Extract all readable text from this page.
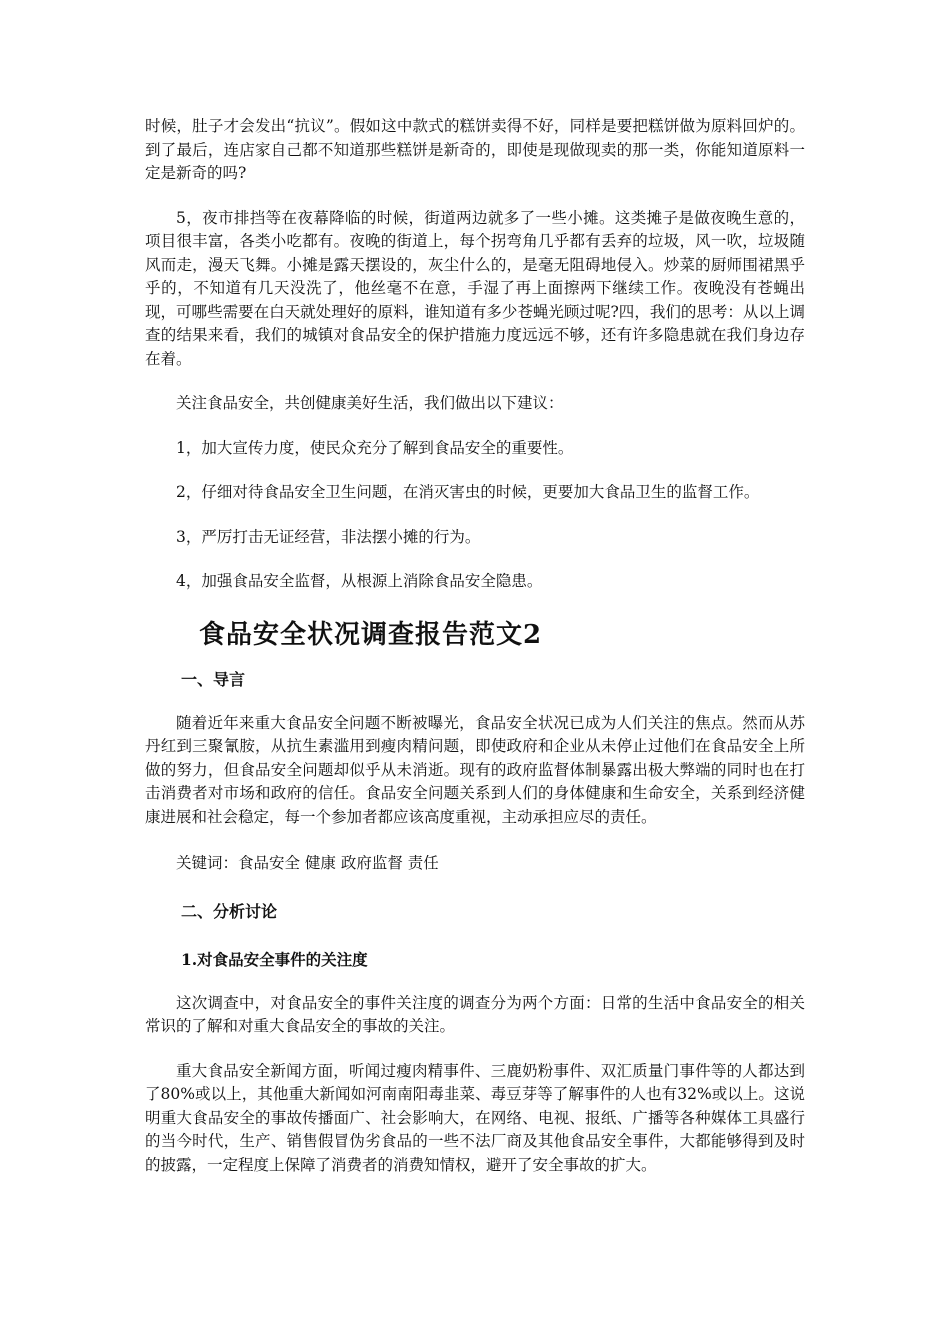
时候，肚子才会发出“抗议”。假如这中款式的糕饼卖得不好，同样是要把糕饼做为原料回炉的。到了最后，连店家自己都不知道那些糕饼是新奇的，即使是现做现卖的那一类，你能知道原料一定是新奇的吗?

5，夜市排挡等在夜幕降临的时候，街道两边就多了一些小摊。这类摊子是做夜晚生意的，项目很丰富，各类小吃都有。夜晚的街道上，每个拐弯角几乎都有丢弃的垃圾，风一吹，垃圾随风而走，漫天飞舞。小摊是露天摆设的，灰尘什么的，是毫无阻碍地侵入。炒菜的厨师围裙黑乎乎的，不知道有几天没洗了，他丝毫不在意，手湿了再上面擦两下继续工作。夜晚没有苍蝇出现，可哪些需要在白天就处理好的原料，谁知道有多少苍蝇光顾过呢?四，我们的思考：从以上调查的结果来看，我们的城镇对食品安全的保护措施力度远远不够，还有许多隐患就在我们身边存在着。

关注食品安全，共创健康美好生活，我们做出以下建议：

1，加大宣传力度，使民众充分了解到食品安全的重要性。

2，仔细对待食品安全卫生问题，在消灭害虫的时候，更要加大食品卫生的监督工作。

3，严厉打击无证经营，非法摆小摊的行为。

4，加强食品安全监督，从根源上消除食品安全隐患。

食品安全状况调查报告范文2
一、导言

随着近年来重大食品安全问题不断被曝光，食品安全状况已成为人们关注的焦点。然而从苏丹红到三聚氰胺，从抗生素滥用到瘦肉精问题，即使政府和企业从未停止过他们在食品安全上所做的努力，但食品安全问题却似乎从未消逝。现有的政府监督体制暴露出极大弊端的同时也在打击消费者对市场和政府的信任。食品安全问题关系到人们的身体健康和生命安全，关系到经济健康进展和社会稳定，每一个参加者都应该高度重视，主动承担应尽的责任。

关键词：食品安全 健康 政府监督 责任

二、分析讨论
1.对食品安全事件的关注度

这次调查中，对食品安全的事件关注度的调查分为两个方面：日常的生活中食品安全的相关常识的了解和对重大食品安全的事故的关注。

重大食品安全新闻方面，听闻过瘦肉精事件、三鹿奶粉事件、双汇质量门事件等的人都达到了80%或以上，其他重大新闻如河南南阳毒韭菜、毒豆芽等了解事件的人也有32%或以上。这说明重大食品安全的事故传播面广、社会影响大，在网络、电视、报纸、广播等各种媒体工具盛行的当今时代，生产、销售假冒伪劣食品的一些不法厂商及其他食品安全事件，大都能够得到及时的披露，一定程度上保障了消费者的消费知情权，避开了安全事故的扩大。
